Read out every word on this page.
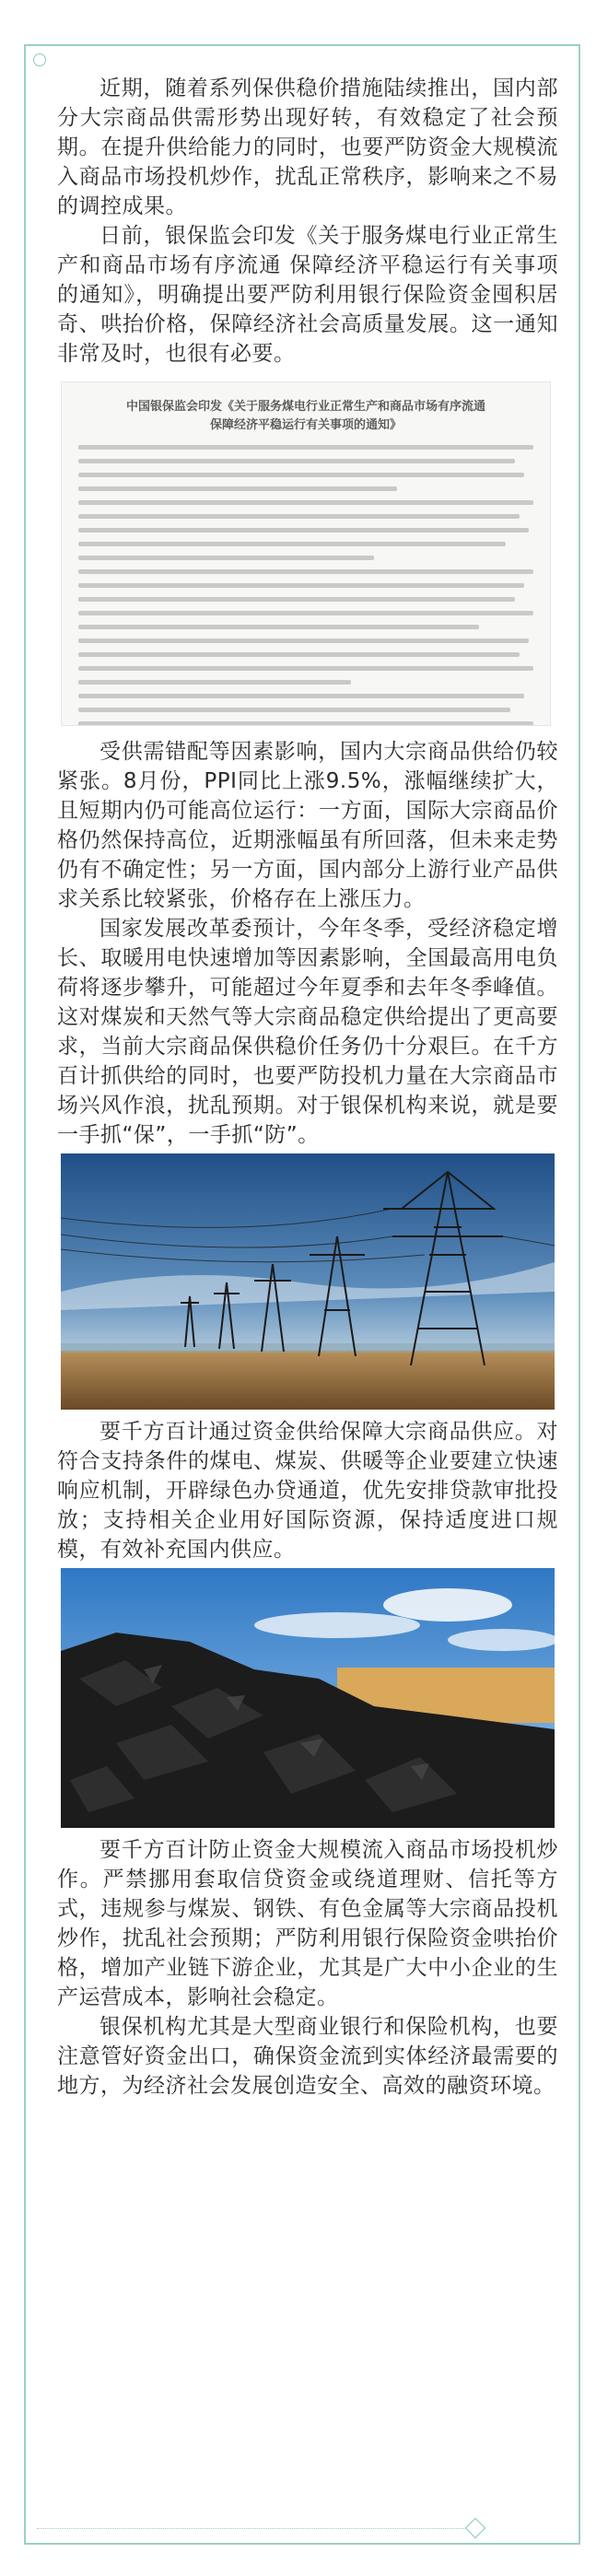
近期，随着系列保供稳价措施陆续推出，国内部分大宗商品供需形势出现好转，有效稳定了社会预期。在提升供给能力的同时，也要严防资金大规模流入商品市场投机炒作，扰乱正常秩序，影响来之不易的调控成果。

日前，银保监会印发《关于服务煤电行业正常生产和商品市场有序流通 保障经济平稳运行有关事项的通知》，明确提出要严防利用银行保险资金囤积居奇、哄抬价格，保障经济社会高质量发展。这一通知非常及时，也很有必要。

中国银保监会印发《关于服务煤电行业正常生产和商品市场有序流通
保障经济平稳运行有关事项的通知》

受供需错配等因素影响，国内大宗商品供给仍较紧张。8月份，PPI同比上涨9.5%，涨幅继续扩大，且短期内仍可能高位运行：一方面，国际大宗商品价格仍然保持高位，近期涨幅虽有所回落，但未来走势仍有不确定性；另一方面，国内部分上游行业产品供求关系比较紧张，价格存在上涨压力。

国家发展改革委预计，今年冬季，受经济稳定增长、取暖用电快速增加等因素影响，全国最高用电负荷将逐步攀升，可能超过今年夏季和去年冬季峰值。这对煤炭和天然气等大宗商品稳定供给提出了更高要求，当前大宗商品保供稳价任务仍十分艰巨。在千方百计抓供给的同时，也要严防投机力量在大宗商品市场兴风作浪，扰乱预期。对于银保机构来说，就是要一手抓“保”，一手抓“防”。

要千方百计通过资金供给保障大宗商品供应。对符合支持条件的煤电、煤炭、供暖等企业要建立快速响应机制，开辟绿色办贷通道，优先安排贷款审批投放；支持相关企业用好国际资源，保持适度进口规模，有效补充国内供应。

要千方百计防止资金大规模流入商品市场投机炒作。严禁挪用套取信贷资金或绕道理财、信托等方式，违规参与煤炭、钢铁、有色金属等大宗商品投机炒作，扰乱社会预期；严防利用银行保险资金哄抬价格，增加产业链下游企业，尤其是广大中小企业的生产运营成本，影响社会稳定。

银保机构尤其是大型商业银行和保险机构，也要注意管好资金出口，确保资金流到实体经济最需要的地方，为经济社会发展创造安全、高效的融资环境。
